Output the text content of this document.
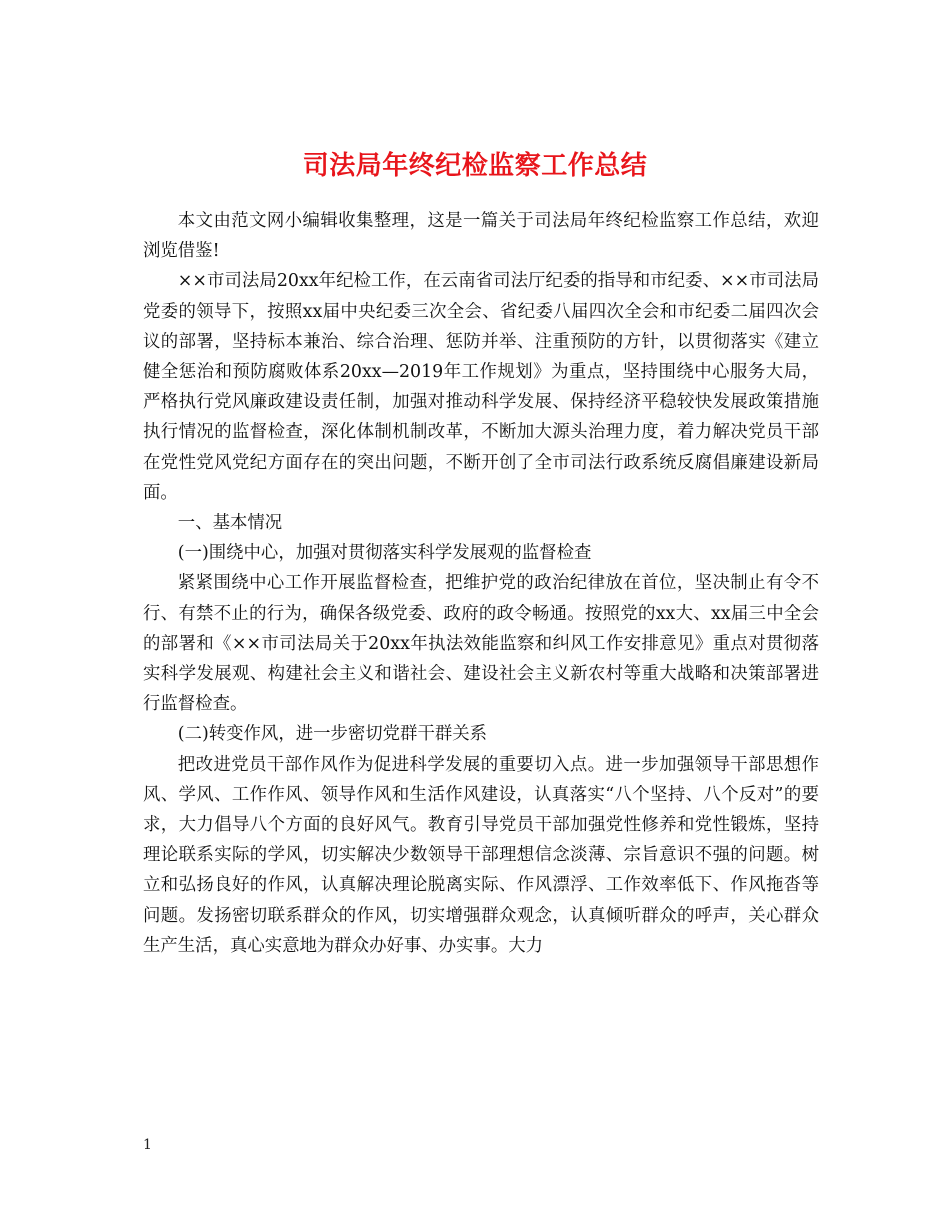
司法局年终纪检监察工作总结

本文由范文网小编辑收集整理，这是一篇关于司法局年终纪检监察工作总结，欢迎浏览借鉴!

××市司法局20xx年纪检工作，在云南省司法厅纪委的指导和市纪委、××市司法局党委的领导下，按照xx届中央纪委三次全会、省纪委八届四次全会和市纪委二届四次会议的部署，坚持标本兼治、综合治理、惩防并举、注重预防的方针，以贯彻落实《建立健全惩治和预防腐败体系20xx—2019年工作规划》为重点，坚持围绕中心服务大局，严格执行党风廉政建设责任制，加强对推动科学发展、保持经济平稳较快发展政策措施执行情况的监督检查，深化体制机制改革，不断加大源头治理力度，着力解决党员干部在党性党风党纪方面存在的突出问题，不断开创了全市司法行政系统反腐倡廉建设新局面。

一、基本情况

(一)围绕中心，加强对贯彻落实科学发展观的监督检查

紧紧围绕中心工作开展监督检查，把维护党的政治纪律放在首位，坚决制止有令不行、有禁不止的行为，确保各级党委、政府的政令畅通。按照党的xx大、xx届三中全会的部署和《××市司法局关于20xx年执法效能监察和纠风工作安排意见》重点对贯彻落实科学发展观、构建社会主义和谐社会、建设社会主义新农村等重大战略和决策部署进行监督检查。

(二)转变作风，进一步密切党群干群关系

把改进党员干部作风作为促进科学发展的重要切入点。进一步加强领导干部思想作风、学风、工作作风、领导作风和生活作风建设，认真落实“八个坚持、八个反对”的要求，大力倡导八个方面的良好风气。教育引导党员干部加强党性修养和党性锻炼，坚持理论联系实际的学风，切实解决少数领导干部理想信念淡薄、宗旨意识不强的问题。树立和弘扬良好的作风，认真解决理论脱离实际、作风漂浮、工作效率低下、作风拖沓等问题。发扬密切联系群众的作风，切实增强群众观念，认真倾听群众的呼声，关心群众生产生活，真心实意地为群众办好事、办实事。大力

1
